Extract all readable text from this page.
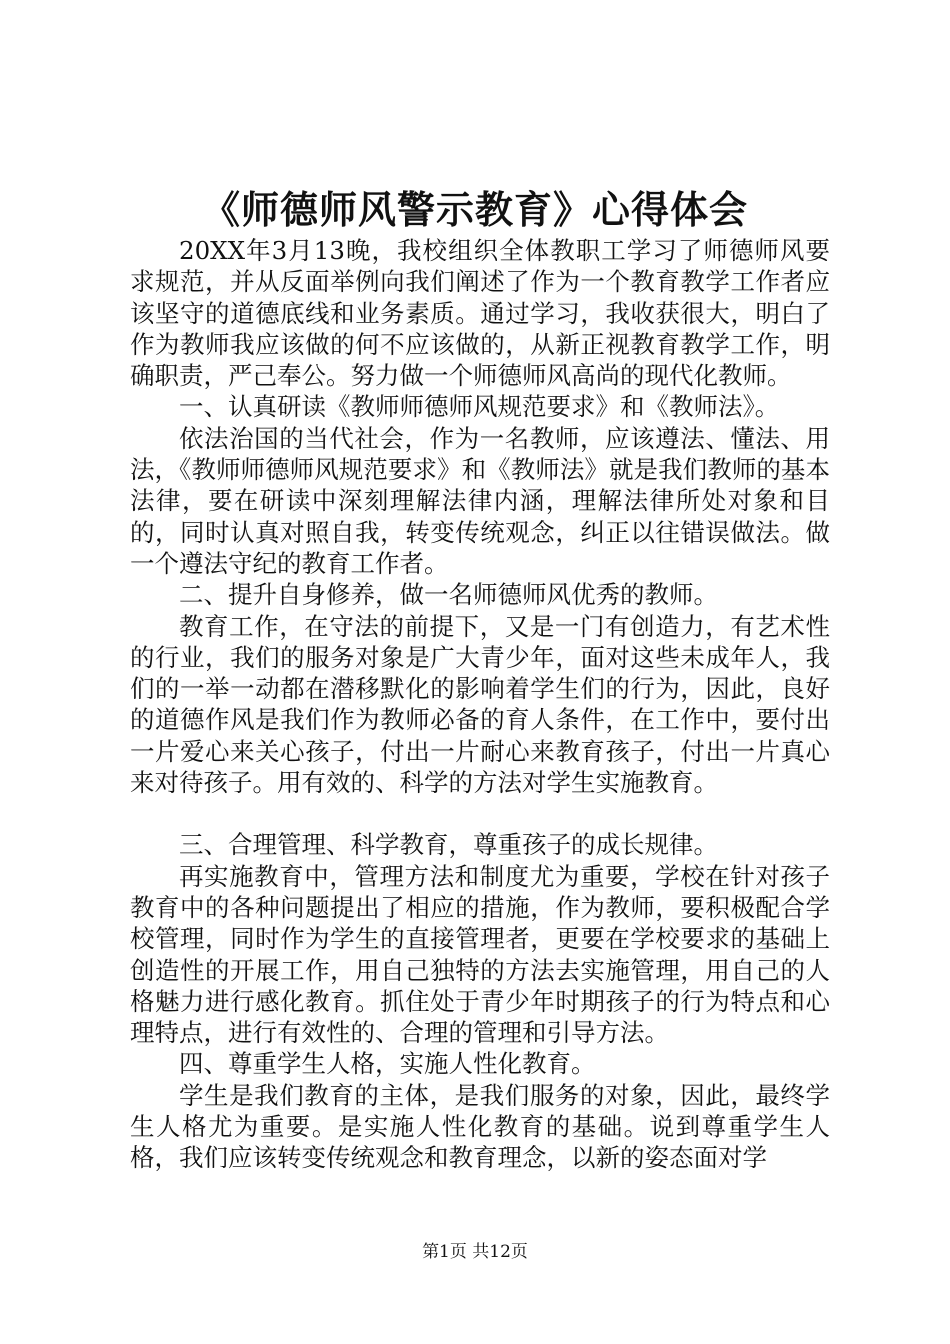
《师德师风警示教育》心得体会

20XX年3月13晚，我校组织全体教职工学习了师德师风要求规范，并从反面举例向我们阐述了作为一个教育教学工作者应该坚守的道德底线和业务素质。通过学习，我收获很大，明白了作为教师我应该做的何不应该做的，从新正视教育教学工作，明确职责，严己奉公。努力做一个师德师风高尚的现代化教师。

一、认真研读《教师师德师风规范要求》和《教师法》。

依法治国的当代社会，作为一名教师，应该遵法、懂法、用法，《教师师德师风规范要求》和《教师法》就是我们教师的基本法律，要在研读中深刻理解法律内涵，理解法律所处对象和目的，同时认真对照自我，转变传统观念，纠正以往错误做法。做一个遵法守纪的教育工作者。

二、提升自身修养，做一名师德师风优秀的教师。

教育工作，在守法的前提下，又是一门有创造力，有艺术性的行业，我们的服务对象是广大青少年，面对这些未成年人，我们的一举一动都在潜移默化的影响着学生们的行为，因此，良好的道德作风是我们作为教师必备的育人条件，在工作中，要付出一片爱心来关心孩子，付出一片耐心来教育孩子，付出一片真心来对待孩子。用有效的、科学的方法对学生实施教育。

三、合理管理、科学教育，尊重孩子的成长规律。

再实施教育中，管理方法和制度尤为重要，学校在针对孩子教育中的各种问题提出了相应的措施，作为教师，要积极配合学校管理，同时作为学生的直接管理者，更要在学校要求的基础上创造性的开展工作，用自己独特的方法去实施管理，用自己的人格魅力进行感化教育。抓住处于青少年时期孩子的行为特点和心理特点，进行有效性的、合理的管理和引导方法。

四、尊重学生人格，实施人性化教育。

学生是我们教育的主体，是我们服务的对象，因此，最终学生人格尤为重要。是实施人性化教育的基础。说到尊重学生人格，我们应该转变传统观念和教育理念，以新的姿态面对学

第1页 共12页
